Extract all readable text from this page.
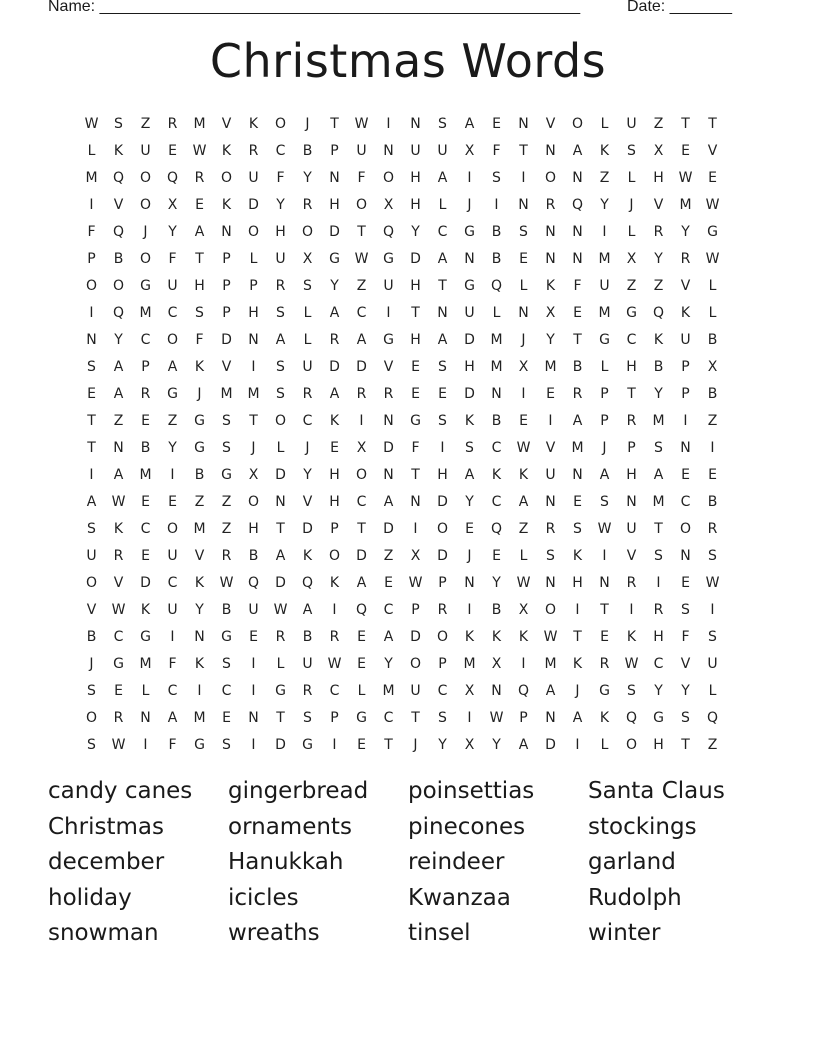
Name: ______________________________________________________	Date: _______
Christmas Words
W	S	Z	R	M	V	K	O	J	T	W	I	N	S	A	E	N	V	O	L	U	Z	T	T
L	K	U	E	W	K	R	C	B	P	U	N	U	U	X	F	T	N	A	K	S	X	E	V
M	Q	O	Q	R	O	U	F	Y	N	F	O	H	A	I	S	I	O	N	Z	L	H	W	E
I	V	O	X	E	K	D	Y	R	H	O	X	H	L	J	I	N	R	Q	Y	J	V	M	W
F	Q	J	Y	A	N	O	H	O	D	T	Q	Y	C	G	B	S	N	N	I	L	R	Y	G
P	B	O	F	T	P	L	U	X	G	W	G	D	A	N	B	E	N	N	M	X	Y	R	W
O	O	G	U	H	P	P	R	S	Y	Z	U	H	T	G	Q	L	K	F	U	Z	Z	V	L
I	Q	M	C	S	P	H	S	L	A	C	I	T	N	U	L	N	X	E	M	G	Q	K	L
N	Y	C	O	F	D	N	A	L	R	A	G	H	A	D	M	J	Y	T	G	C	K	U	B
S	A	P	A	K	V	I	S	U	D	D	V	E	S	H	M	X	M	B	L	H	B	P	X
E	A	R	G	J	M	M	S	R	A	R	R	E	E	D	N	I	E	R	P	T	Y	P	B
T	Z	E	Z	G	S	T	O	C	K	I	N	G	S	K	B	E	I	A	P	R	M	I	Z
T	N	B	Y	G	S	J	L	J	E	X	D	F	I	S	C	W	V	M	J	P	S	N	I
I	A	M	I	B	G	X	D	Y	H	O	N	T	H	A	K	K	U	N	A	H	A	E	E
A	W	E	E	Z	Z	O	N	V	H	C	A	N	D	Y	C	A	N	E	S	N	M	C	B
S	K	C	O	M	Z	H	T	D	P	T	D	I	O	E	Q	Z	R	S	W	U	T	O	R
U	R	E	U	V	R	B	A	K	O	D	Z	X	D	J	E	L	S	K	I	V	S	N	S
O	V	D	C	K	W	Q	D	Q	K	A	E	W	P	N	Y	W	N	H	N	R	I	E	W
V	W	K	U	Y	B	U	W	A	I	Q	C	P	R	I	B	X	O	I	T	I	R	S	I
B	C	G	I	N	G	E	R	B	R	E	A	D	O	K	K	K	W	T	E	K	H	F	S
J	G	M	F	K	S	I	L	U	W	E	Y	O	P	M	X	I	M	K	R	W	C	V	U
S	E	L	C	I	C	I	G	R	C	L	M	U	C	X	N	Q	A	J	G	S	Y	Y	L
O	R	N	A	M	E	N	T	S	P	G	C	T	S	I	W	P	N	A	K	Q	G	S	Q
S	W	I	F	G	S	I	D	G	I	E	T	J	Y	X	Y	A	D	I	L	O	H	T	Z
candy canes	gingerbread	poinsettias	Santa Claus
Christmas	ornaments	pinecones	stockings
december	Hanukkah	reindeer	garland
holiday	icicles	Kwanzaa	Rudolph
snowman	wreaths	tinsel	winter
